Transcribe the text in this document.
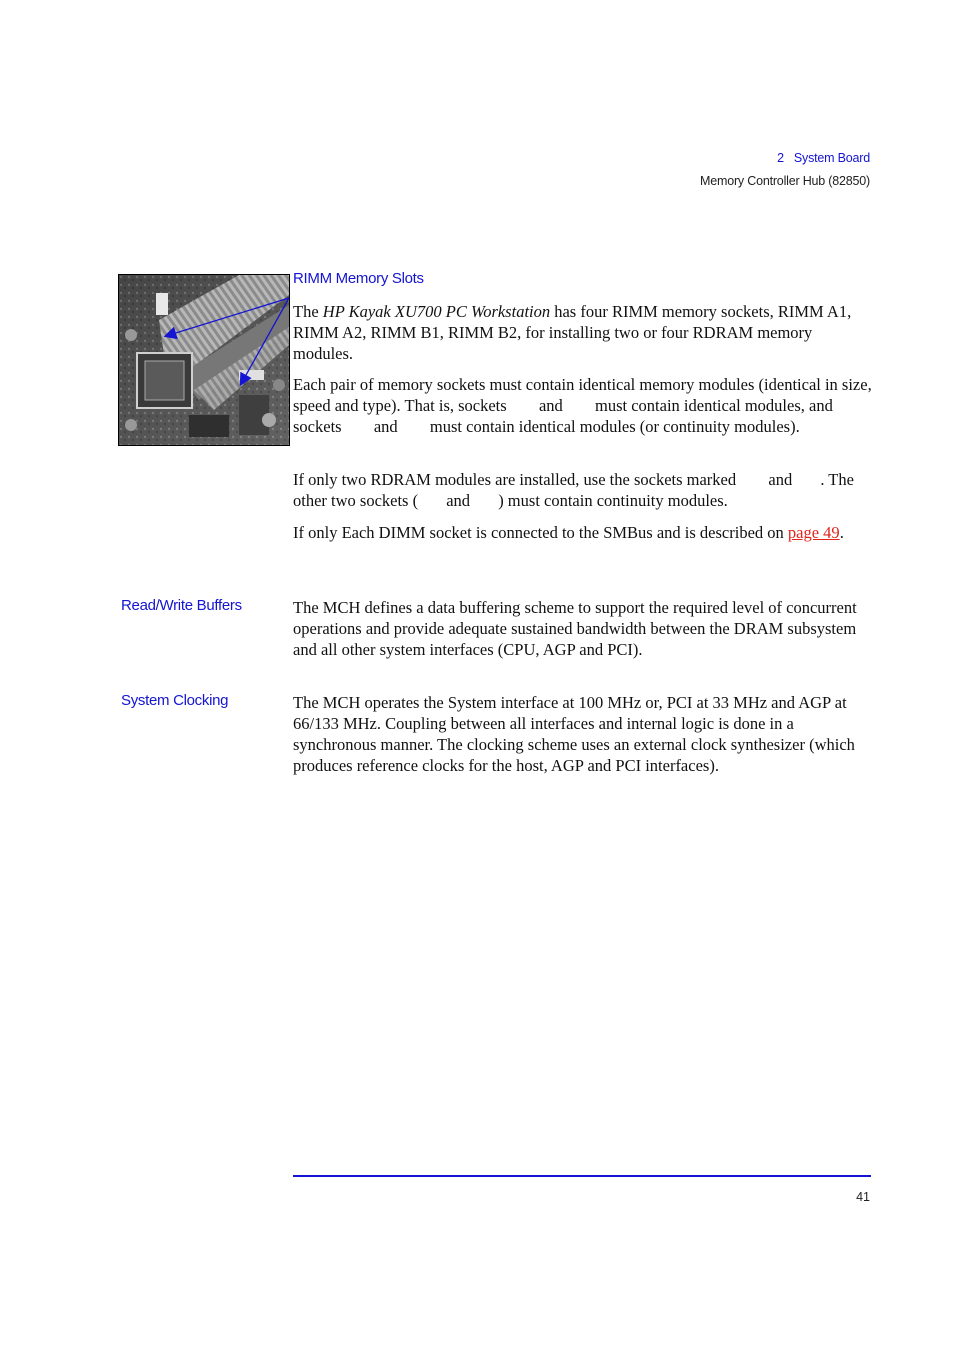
2 System Board
Memory Controller Hub (82850)
RIMM Memory Slots

The HP Kayak XU700 PC Workstation has four RIMM memory sockets, RIMM A1, RIMM A2, RIMM B1, RIMM B2, for installing two or four RDRAM memory modules.

Each pair of memory sockets must contain identical memory modules (identical in size, speed and type). That is, sockets  and  must contain identical modules, and sockets  and  must contain identical modules (or continuity modules).

If only two RDRAM modules are installed, use the sockets marked  and . The other two sockets ( and ) must contain continuity modules.

If only Each DIMM socket is connected to the SMBus and is described on page 49.

Read/Write Buffers	The MCH defines a data buffering scheme to support the required level of concurrent operations and provide adequate sustained bandwidth between the DRAM subsystem and all other system interfaces (CPU, AGP and PCI).

System Clocking	The MCH operates the System interface at 100 MHz or, PCI at 33 MHz and AGP at 66/133 MHz. Coupling between all interfaces and internal logic is done in a synchronous manner. The clocking scheme uses an external clock synthesizer (which produces reference clocks for the host, AGP and PCI interfaces).

41
